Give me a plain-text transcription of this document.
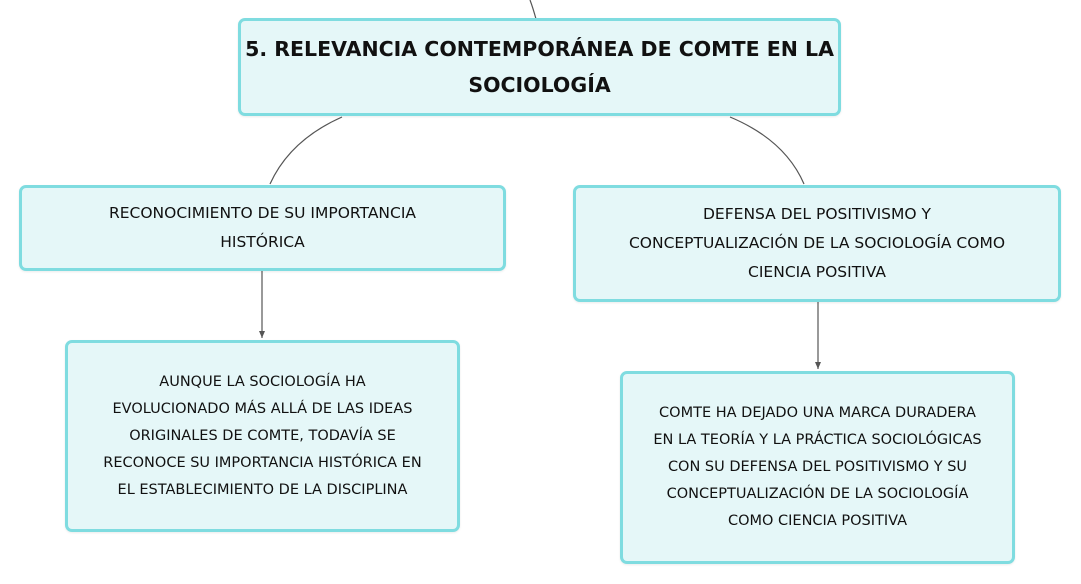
5. RELEVANCIA CONTEMPORÁNEA DE COMTE EN LA
SOCIOLOGÍA
RECONOCIMIENTO DE SU IMPORTANCIA
HISTÓRICA
DEFENSA DEL POSITIVISMO Y
CONCEPTUALIZACIÓN DE LA SOCIOLOGÍA COMO
CIENCIA POSITIVA
AUNQUE LA SOCIOLOGÍA HA
EVOLUCIONADO MÁS ALLÁ DE LAS IDEAS
ORIGINALES DE COMTE, TODAVÍA SE
RECONOCE SU IMPORTANCIA HISTÓRICA EN
EL ESTABLECIMIENTO DE LA DISCIPLINA
COMTE HA DEJADO UNA MARCA DURADERA
EN LA TEORÍA Y LA PRÁCTICA SOCIOLÓGICAS
CON SU DEFENSA DEL POSITIVISMO Y SU
CONCEPTUALIZACIÓN DE LA SOCIOLOGÍA
COMO CIENCIA POSITIVA
